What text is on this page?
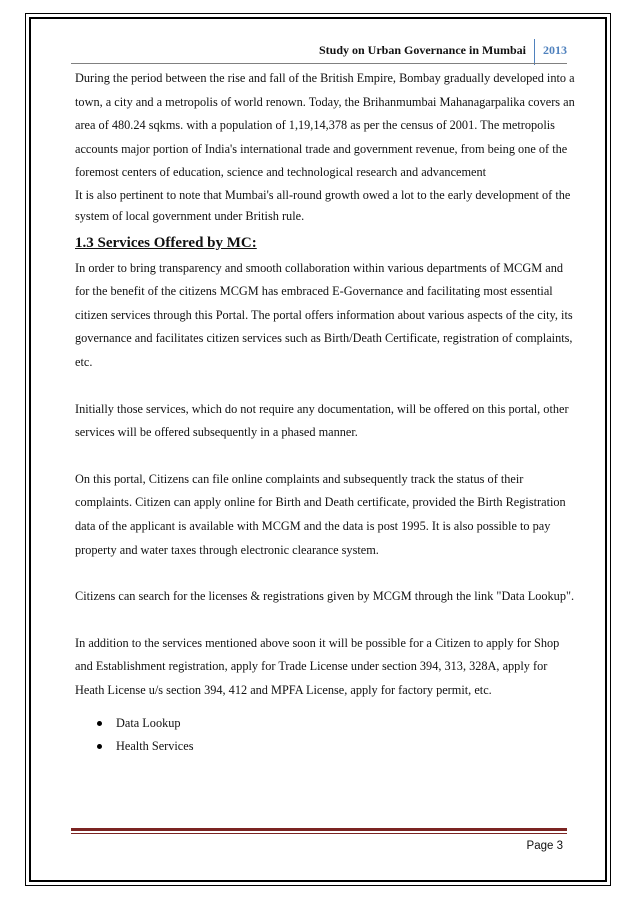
Study on Urban Governance in Mumbai	2013

During the period between the rise and fall of the British Empire, Bombay gradually developed into a town, a city and a metropolis of world renown. Today, the Brihanmumbai Mahanagarpalika covers an area of 480.24 sqkms. with a population of 1,19,14,378 as per the census of 2001. The metropolis accounts major portion of India's international trade and government revenue, from being one of the foremost centers of education, science and technological research and advancement

It is also pertinent to note that Mumbai's all-round growth owed a lot to the early development of the system of local government under British rule.

1.3 Services Offered by MC:

In order to bring transparency and smooth collaboration within various departments of MCGM and for the benefit of the citizens MCGM has embraced E-Governance and facilitating most essential citizen services through this Portal. The portal offers information about various aspects of the city, its governance and facilitates citizen services such as Birth/Death Certificate, registration of complaints, etc.

Initially those services, which do not require any documentation, will be offered on this portal, other services will be offered subsequently in a phased manner.

On this portal, Citizens can file online complaints and subsequently track the status of their complaints. Citizen can apply online for Birth and Death certificate, provided the Birth Registration data of the applicant is available with MCGM and the data is post 1995. It is also possible to pay property and water taxes through electronic clearance system.

Citizens can search for the licenses & registrations given by MCGM through the link "Data Lookup".

In addition to the services mentioned above soon it will be possible for a Citizen to apply for Shop and Establishment registration, apply for Trade License under section 394, 313, 328A, apply for Heath License u/s section 394, 412 and MPFA License, apply for factory permit, etc.

Data Lookup
Health Services
Page 3
